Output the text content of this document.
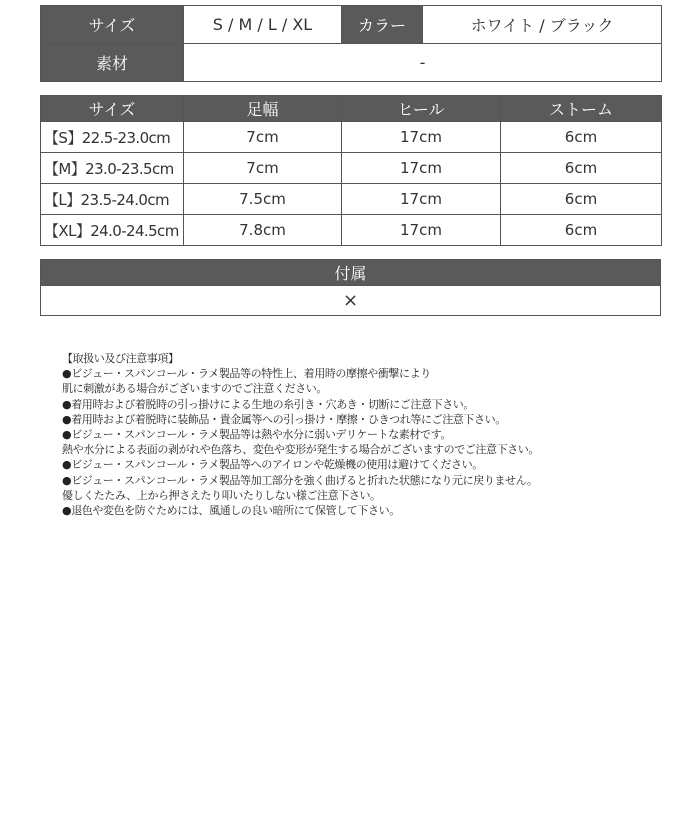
サイズ	S / M / L / XL	カラー	ホワイト / ブラック
素材	-		
サイズ	足幅	ヒール	ストーム
【S】22.5-23.0cm	7cm	17cm	6cm
【M】23.0-23.5cm	7cm	17cm	6cm
【L】23.5-24.0cm	7.5cm	17cm	6cm
【XL】24.0-24.5cm	7.8cm	17cm	6cm
付属
×
【取扱い及び注意事項】
●ビジュー・スパンコール・ラメ製品等の特性上、着用時の摩擦や衝撃により
肌に刺激がある場合がございますのでご注意ください。
●着用時および着脱時の引っ掛けによる生地の糸引き・穴あき・切断にご注意下さい。
●着用時および着脱時に装飾品・貴金属等への引っ掛け・摩擦・ひきつれ等にご注意下さい。
●ビジュー・スパンコール・ラメ製品等は熱や水分に弱いデリケートな素材です。
熱や水分による表面の剥がれや色落ち、変色や変形が発生する場合がございますのでご注意下さい。
●ビジュー・スパンコール・ラメ製品等へのアイロンや乾燥機の使用は避けてください。
●ビジュー・スパンコール・ラメ製品等加工部分を強く曲げると折れた状態になり元に戻りません。
優しくたたみ、上から押さえたり叩いたりしない様ご注意下さい。
●退色や変色を防ぐためには、風通しの良い暗所にて保管して下さい。
